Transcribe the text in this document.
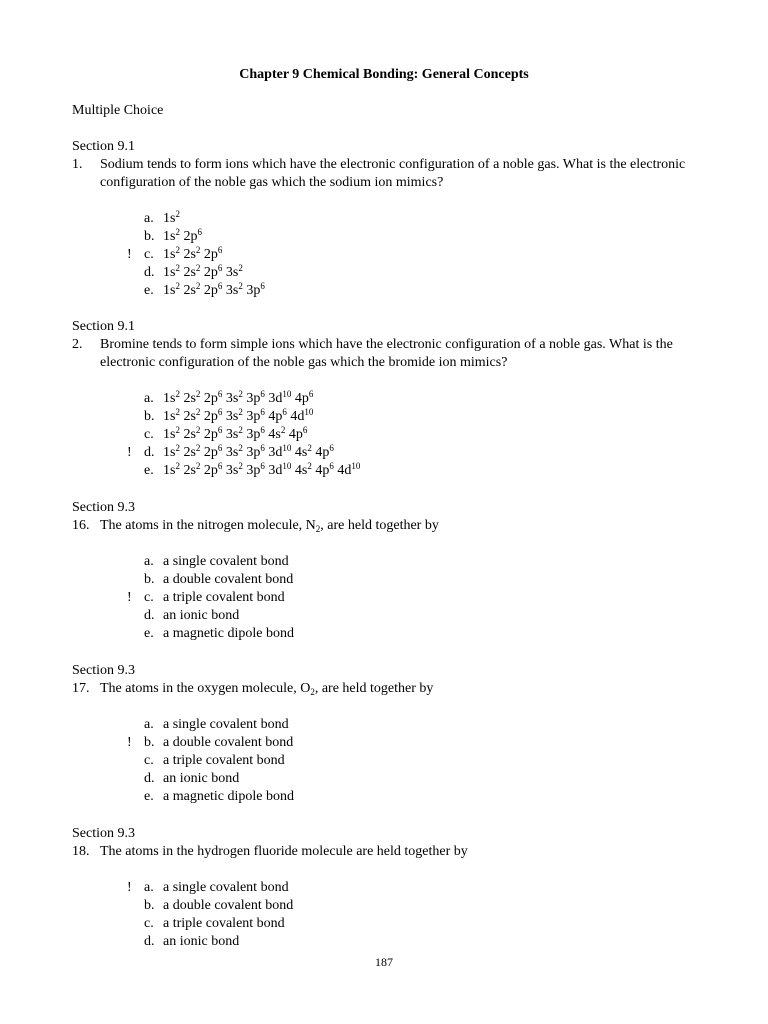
Chapter 9 Chemical Bonding: General Concepts
Multiple Choice
Section 9.1
1.	Sodium tends to form ions which have the electronic configuration of a noble gas. What is the electronic configuration of the noble gas which the sodium ion mimics?
a. $1s^2$
b. $1s^2$ $2p^6$
! c. $1s^2$ $2s^2$ $2p^6$
d. $1s^2$ $2s^2$ $2p^6$ $3s^2$
e. $1s^2$ $2s^2$ $2p^6$ $3s^2$ $3p^6$
Section 9.1
2.	Bromine tends to form simple ions which have the electronic configuration of a noble gas. What is the electronic configuration of the noble gas which the bromide ion mimics?
a. $1s^2$ $2s^2$ $2p^6$ $3s^2$ $3p^6$ $3d^{10}$ $4p^6$
b. $1s^2$ $2s^2$ $2p^6$ $3s^2$ $3p^6$ $4p^6$ $4d^{10}$
c. $1s^2$ $2s^2$ $2p^6$ $3s^2$ $3p^6$ $4s^2$ $4p^6$
! d. $1s^2$ $2s^2$ $2p^6$ $3s^2$ $3p^6$ $3d^{10}$ $4s^2$ $4p^6$
e. $1s^2$ $2s^2$ $2p^6$ $3s^2$ $3p^6$ $3d^{10}$ $4s^2$ $4p^6$ $4d^{10}$
Section 9.3
16. The atoms in the nitrogen molecule, $N_2$, are held together by
a. a single covalent bond
b. a double covalent bond
! c. a triple covalent bond
d. an ionic bond
e. a magnetic dipole bond
Section 9.3
17. The atoms in the oxygen molecule, $O_2$, are held together by
a. a single covalent bond
! b. a double covalent bond
c. a triple covalent bond
d. an ionic bond
e. a magnetic dipole bond
Section 9.3
18. The atoms in the hydrogen fluoride molecule are held together by
! a. a single covalent bond
b. a double covalent bond
c. a triple covalent bond
d. an ionic bond
187
